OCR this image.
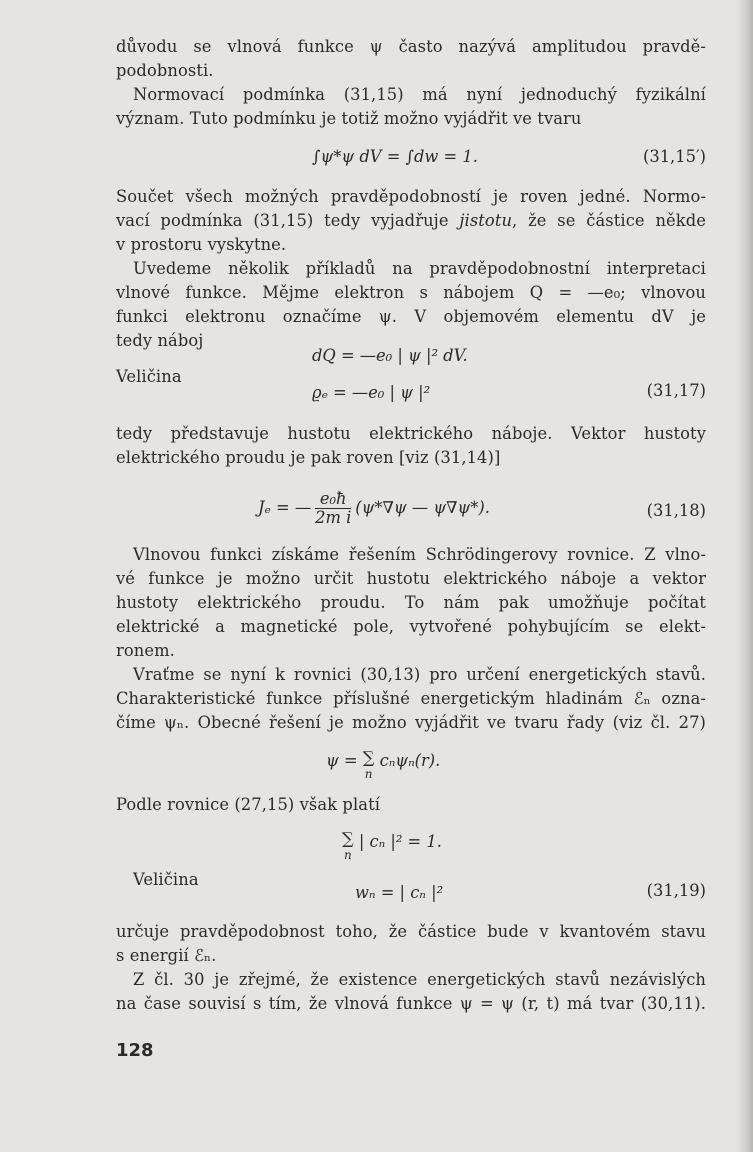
důvodu se vlnová funkce ψ často nazývá amplitudou pravdě-
podobnosti.
Normovací podmínka (31,15) má nyní jednoduchý fyzikální
význam. Tuto podmínku je totiž možno vyjádřit ve tvaru
∫ψ*ψ dV = ∫dw = 1.	(31,15′)
Součet všech možných pravděpodobností je roven jedné. Normo-
vací podmínka (31,15) tedy vyjadřuje jistotu, že se částice někde
v prostoru vyskytne.
Uvedeme několik příkladů na pravděpodobnostní interpretaci
vlnové funkce. Mějme elektron s nábojem Q = —e₀; vlnovou
funkci elektronu označíme ψ. V objemovém elementu dV je
tedy náboj
dQ = —e₀ | ψ |² dV.
Veličina
ϱₑ = —e₀ | ψ |²	(31,17)
tedy představuje hustotu elektrického náboje. Vektor hustoty
elektrického proudu je pak roven [viz (31,14)]
Jₑ = — $\frac{\text{e₀ħ}}{\text{2m i}} (\psi*\nabla\psi$ — ψ∇ψ*).	(31,18)
Vlnovou funkci získáme řešením Schrödingerovy rovnice. Z vlno-
vé funkce je možno určit hustotu elektrického náboje a vektor
hustoty elektrického proudu. To nám pak umožňuje počítat
elektrické a magnetické pole, vytvořené pohybujícím se elekt-
ronem.
Vraťme se nyní k rovnici (30,13) pro určení energetických stavů.
Charakteristické funkce příslušné energetickým hladinám ℰₙ ozna-
číme ψₙ. Obecné řešení je možno vyjádřit ve tvaru řady (viz čl. 27)
ψ = ∑
n
cₙψₙ(r).
Podle rovnice (27,15) však platí
∑
n
| cₙ |² = 1.
Veličina
wₙ = | cₙ |²	(31,19)
určuje pravděpodobnost toho, že částice bude v kvantovém stavu
s energií ℰₙ.
Z čl. 30 je zřejmé, že existence energetických stavů nezávislých
na čase souvisí s tím, že vlnová funkce ψ = ψ (r, t) má tvar (30,11).
128
